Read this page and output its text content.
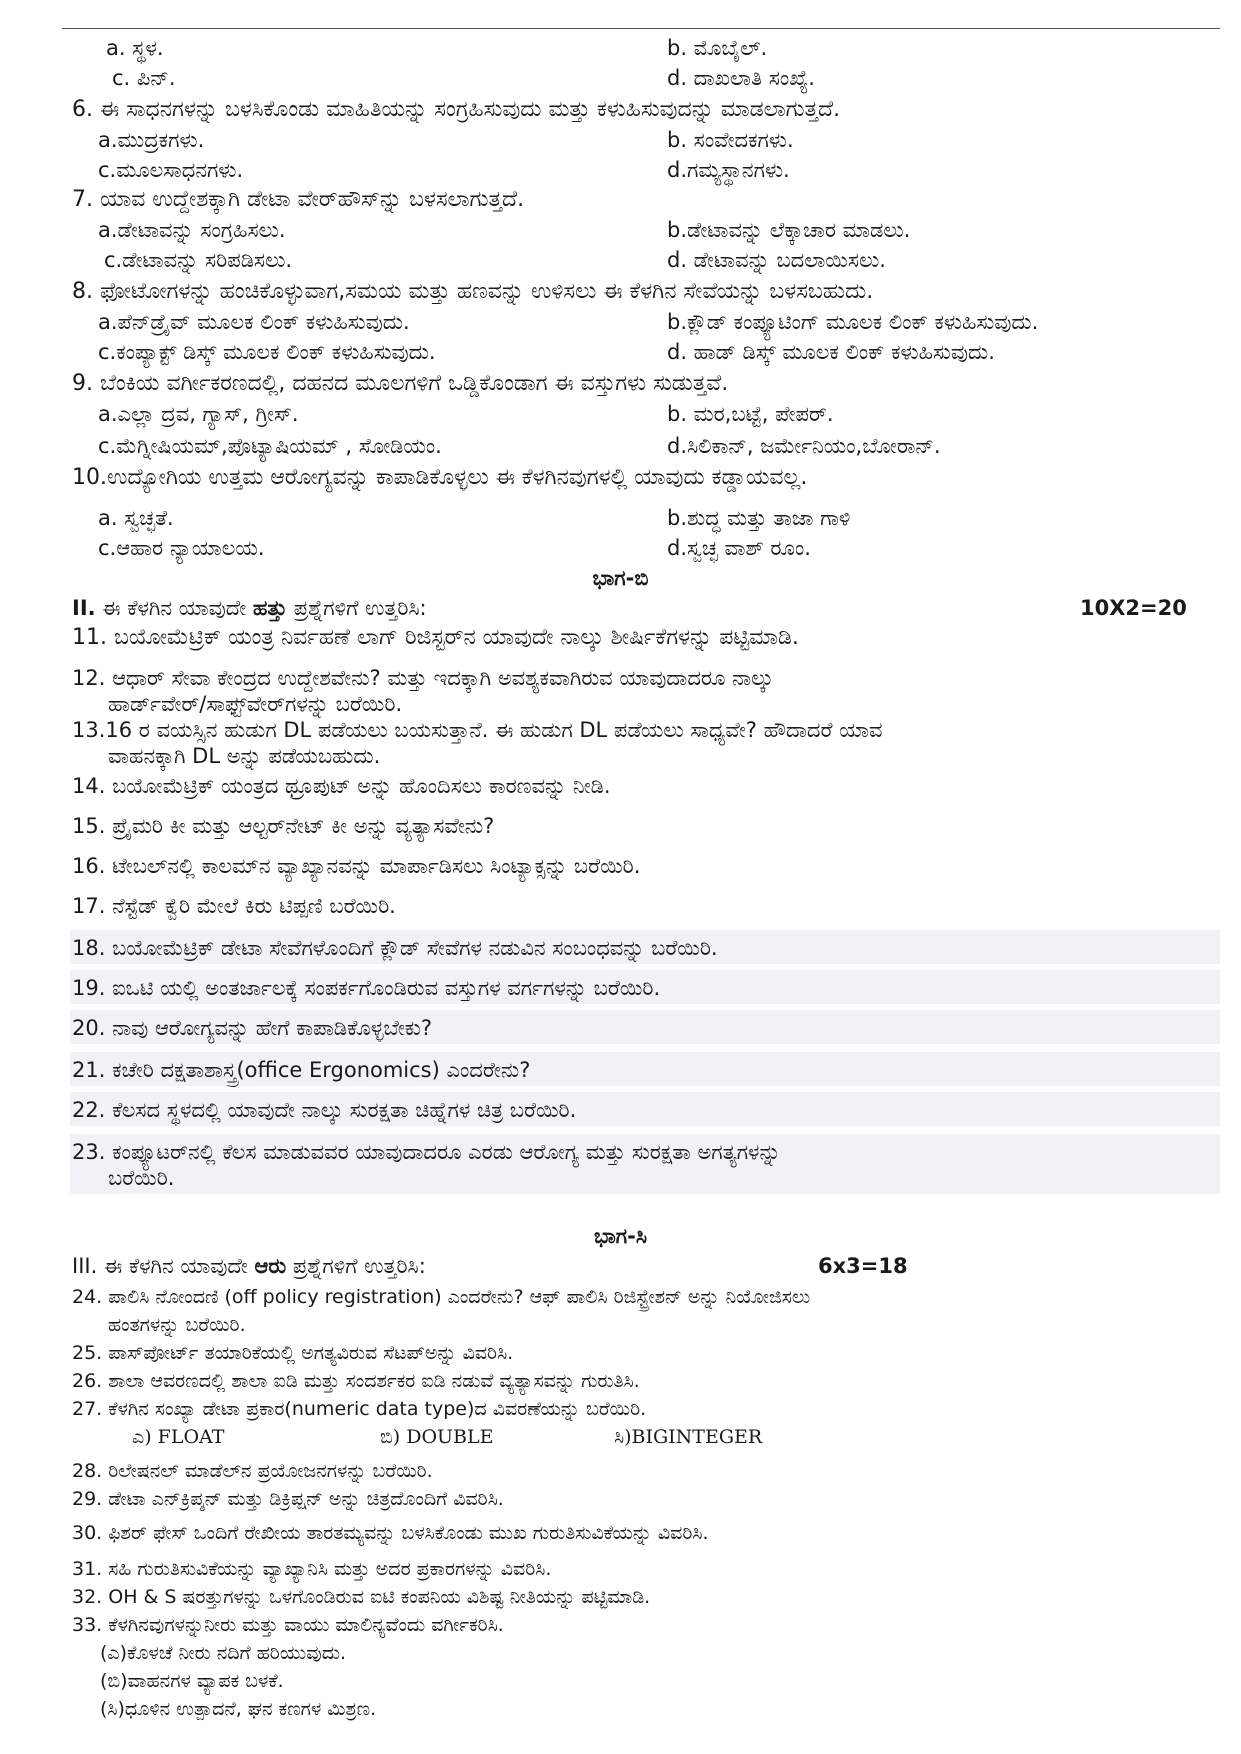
a. ಸ್ಥಳ.	b. ಮೊಬೈಲ್.
c. ಪಿನ್.	d. ದಾಖಲಾತಿ ಸಂಖ್ಯೆ.
6. ಈ ಸಾಧನಗಳನ್ನು ಬಳಸಿಕೊಂಡು ಮಾಹಿತಿಯನ್ನು ಸಂಗ್ರಹಿಸುವುದು ಮತ್ತು ಕಳುಹಿಸುವುದನ್ನು ಮಾಡಲಾಗುತ್ತದೆ.
a.ಮುದ್ರಕಗಳು.	b. ಸಂವೇದಕಗಳು.
c.ಮೂಲಸಾಧನಗಳು.	d.ಗಮ್ಯಸ್ಥಾನಗಳು.
7. ಯಾವ ಉದ್ದೇಶಕ್ಕಾಗಿ ಡೇಟಾ ವೇರ್‌ಹೌಸ್‌ನ್ನು ಬಳಸಲಾಗುತ್ತದೆ.
a.ಡೇಟಾವನ್ನು ಸಂಗ್ರಹಿಸಲು.	b.ಡೇಟಾವನ್ನು ಲೆಕ್ಕಾಚಾರ ಮಾಡಲು.
c.ಡೇಟಾವನ್ನು ಸರಿಪಡಿಸಲು.	d. ಡೇಟಾವನ್ನು ಬದಲಾಯಿಸಲು.
8. ಫೋಟೋಗಳನ್ನು ಹಂಚಿಕೊಳ್ಳುವಾಗ,ಸಮಯ ಮತ್ತು ಹಣವನ್ನು ಉಳಿಸಲು ಈ ಕೆಳಗಿನ ಸೇವೆಯನ್ನು ಬಳಸಬಹುದು.
a.ಪೆನ್‌ಡ್ರೈವ್ ಮೂಲಕ ಲಿಂಕ್ ಕಳುಹಿಸುವುದು.	b.ಕ್ಲೌಡ್ ಕಂಪ್ಯೂಟಿಂಗ್ ಮೂಲಕ ಲಿಂಕ್ ಕಳುಹಿಸುವುದು.
c.ಕಂಪ್ಯಾಕ್ಟ್ ಡಿಸ್ಕ್ ಮೂಲಕ ಲಿಂಕ್ ಕಳುಹಿಸುವುದು.	d. ಹಾಡ್ ಡಿಸ್ಕ್ ಮೂಲಕ ಲಿಂಕ್ ಕಳುಹಿಸುವುದು.
9. ಬೆಂಕಿಯ ವರ್ಗೀಕರಣದಲ್ಲಿ, ದಹನದ ಮೂಲಗಳಿಗೆ ಒಡ್ಡಿಕೊಂಡಾಗ ಈ ವಸ್ತುಗಳು ಸುಡುತ್ತವೆ.
a.ಎಲ್ಲಾ ದ್ರವ, ಗ್ಯಾಸ್, ಗ್ರೀಸ್.	b. ಮರ,ಬಟ್ಟೆ, ಪೇಪರ್.
c.ಮೆಗ್ನೀಷಿಯಮ್,ಪೊಟ್ಯಾಷಿಯಮ್ , ಸೋಡಿಯಂ.	d.ಸಿಲಿಕಾನ್, ಜರ್ಮೇನಿಯಂ,ಬೋರಾನ್.
10.ಉದ್ಯೋಗಿಯ ಉತ್ತಮ ಆರೋಗ್ಯವನ್ನು ಕಾಪಾಡಿಕೊಳ್ಳಲು ಈ ಕೆಳಗಿನವುಗಳಲ್ಲಿ ಯಾವುದು ಕಡ್ಡಾಯವಲ್ಲ.
a. ಸ್ವಚ್ಛತೆ.	b.ಶುದ್ಧ ಮತ್ತು ತಾಜಾ ಗಾಳಿ
c.ಆಹಾರ ನ್ಯಾಯಾಲಯ.	d.ಸ್ವಚ್ಛ ವಾಶ್ ರೂಂ.
ಭಾಗ-ಬಿ
II. ಈ ಕೆಳಗಿನ ಯಾವುದೇ ಹತ್ತು ಪ್ರಶ್ನೆಗಳಿಗೆ ಉತ್ತರಿಸಿ:	10X2=20
11. ಬಯೋಮೆಟ್ರಿಕ್ ಯಂತ್ರ ನಿರ್ವಹಣೆ ಲಾಗ್ ರಿಜಿಸ್ಟರ್‌ನ ಯಾವುದೇ ನಾಲ್ಕು ಶೀರ್ಷಿಕೆಗಳನ್ನು ಪಟ್ಟಿಮಾಡಿ.
12. ಆಧಾರ್ ಸೇವಾ ಕೇಂದ್ರದ ಉದ್ದೇಶವೇನು? ಮತ್ತು ಇದಕ್ಕಾಗಿ ಅವಶ್ಯಕವಾಗಿರುವ ಯಾವುದಾದರೂ ನಾಲ್ಕು
ಹಾರ್ಡ್‌ವೇರ್/ಸಾಫ್ಟ್‌ವೇರ್‌ಗಳನ್ನು ಬರೆಯಿರಿ.
13.16 ರ ವಯಸ್ಸಿನ ಹುಡುಗ DL ಪಡೆಯಲು ಬಯಸುತ್ತಾನೆ. ಈ ಹುಡುಗ DL ಪಡೆಯಲು ಸಾಧ್ಯವೇ? ಹೌದಾದರೆ ಯಾವ
ವಾಹನಕ್ಕಾಗಿ DL ಅನ್ನು ಪಡೆಯಬಹುದು.
14. ಬಯೋಮೆಟ್ರಿಕ್ ಯಂತ್ರದ ಥ್ರೂಪುಟ್ ಅನ್ನು ಹೊಂದಿಸಲು ಕಾರಣವನ್ನು ನೀಡಿ.
15. ಪ್ರೈಮರಿ ಕೀ ಮತ್ತು ಆಲ್ಟರ್‌ನೇಟ್ ಕೀ ಅನ್ನು ವ್ಯತ್ಯಾಸವೇನು?
16. ಟೇಬಲ್‌ನಲ್ಲಿ ಕಾಲಮ್‌ನ ವ್ಯಾಖ್ಯಾನವನ್ನು ಮಾರ್ಪಾಡಿಸಲು ಸಿಂಟ್ಯಾಕ್ಸನ್ನು ಬರೆಯಿರಿ.
17. ನೆಸ್ಟೆಡ್ ಕ್ವೆರಿ ಮೇಲೆ ಕಿರು ಟಿಪ್ಪಣಿ ಬರೆಯಿರಿ.
18. ಬಯೋಮೆಟ್ರಿಕ್ ಡೇಟಾ ಸೇವೆಗಳೊಂದಿಗೆ ಕ್ಲೌಡ್ ಸೇವೆಗಳ ನಡುವಿನ ಸಂಬಂಧವನ್ನು ಬರೆಯಿರಿ.
19. ಐಒಟಿ ಯಲ್ಲಿ ಅಂತರ್ಜಾಲಕ್ಕೆ ಸಂಪರ್ಕಗೊಂಡಿರುವ ವಸ್ತುಗಳ ವರ್ಗಗಳನ್ನು ಬರೆಯಿರಿ.
20. ನಾವು ಆರೋಗ್ಯವನ್ನು ಹೇಗೆ ಕಾಪಾಡಿಕೊಳ್ಳಬೇಕು?
21. ಕಚೇರಿ ದಕ್ಷತಾಶಾಸ್ತ್ರ(office Ergonomics) ಎಂದರೇನು?
22. ಕೆಲಸದ ಸ್ಥಳದಲ್ಲಿ ಯಾವುದೇ ನಾಲ್ಕು ಸುರಕ್ಷತಾ ಚಿಹ್ನೆಗಳ ಚಿತ್ರ ಬರೆಯಿರಿ.
23. ಕಂಪ್ಯೂಟರ್‌ನಲ್ಲಿ ಕೆಲಸ ಮಾಡುವವರ ಯಾವುದಾದರೂ ಎರಡು ಆರೋಗ್ಯ ಮತ್ತು ಸುರಕ್ಷತಾ ಅಗತ್ಯಗಳನ್ನು
ಬರೆಯಿರಿ.
ಭಾಗ-ಸಿ
III. ಈ ಕೆಳಗಿನ ಯಾವುದೇ ಆರು ಪ್ರಶ್ನೆಗಳಿಗೆ ಉತ್ತರಿಸಿ:	6x3=18
24. ಪಾಲಿಸಿ ನೋಂದಣಿ (off policy registration) ಎಂದರೇನು? ಆಫ್ ಪಾಲಿಸಿ ರಿಜಿಸ್ಟ್ರೇಶನ್ ಅನ್ನು ನಿಯೋಜಿಸಲು
ಹಂತಗಳನ್ನು ಬರೆಯಿರಿ.
25. ಪಾಸ್‌ಪೋರ್ಟ್ ತಯಾರಿಕೆಯಲ್ಲಿ ಅಗತ್ಯವಿರುವ ಸೆಟಪ್‌ಅನ್ನು ವಿವರಿಸಿ.
26. ಶಾಲಾ ಆವರಣದಲ್ಲಿ ಶಾಲಾ ಐಡಿ ಮತ್ತು ಸಂದರ್ಶಕರ ಐಡಿ ನಡುವೆ ವ್ಯತ್ಯಾಸವನ್ನು ಗುರುತಿಸಿ.
27. ಕೆಳಗಿನ ಸಂಖ್ಯಾ ಡೇಟಾ ಪ್ರಕಾರ(numeric data type)ದ ವಿವರಣೆಯನ್ನು ಬರೆಯಿರಿ.
ಎ) FLOAT	ಬಿ) DOUBLE	ಸಿ)BIGINTEGER
28. ರಿಲೇಷನಲ್ ಮಾಡೆಲ್‌ನ ಪ್ರಯೋಜನಗಳನ್ನು ಬರೆಯಿರಿ.
29. ಡೇಟಾ ಎನ್‌ಕ್ರಿಪ್ಶನ್ ಮತ್ತು ಡಿಕ್ರಿಪ್ಷನ್ ಅನ್ನು ಚಿತ್ರದೊಂದಿಗೆ ವಿವರಿಸಿ.
30. ಫಿಶರ್ ಫೇಸ್ ಒಂದಿಗೆ ರೇಖೀಯ ತಾರತಮ್ಯವನ್ನು ಬಳಸಿಕೊಂಡು ಮುಖ ಗುರುತಿಸುವಿಕೆಯನ್ನು ವಿವರಿಸಿ.
31. ಸಹಿ ಗುರುತಿಸುವಿಕೆಯನ್ನು ವ್ಯಾಖ್ಯಾನಿಸಿ ಮತ್ತು ಅದರ ಪ್ರಕಾರಗಳನ್ನು ವಿವರಿಸಿ.
32. OH & S ಷರತ್ತುಗಳನ್ನು ಒಳಗೊಂಡಿರುವ ಐಟಿ ಕಂಪನಿಯ ವಿಶಿಷ್ಟ ನೀತಿಯನ್ನು ಪಟ್ಟಿಮಾಡಿ.
33. ಕೆಳಗಿನವುಗಳನ್ನುನೀರು ಮತ್ತು ವಾಯು ಮಾಲಿನ್ಯವೆಂದು ವರ್ಗೀಕರಿಸಿ.
(ಎ)ಕೊಳಚೆ ನೀರು ನದಿಗೆ ಹರಿಯುವುದು.
(ಬಿ)ವಾಹನಗಳ ವ್ಯಾಪಕ ಬಳಕೆ.
(ಸಿ)ಧೂಳಿನ ಉತ್ಪಾದನೆ, ಘನ ಕಣಗಳ ಮಿಶ್ರಣ.
